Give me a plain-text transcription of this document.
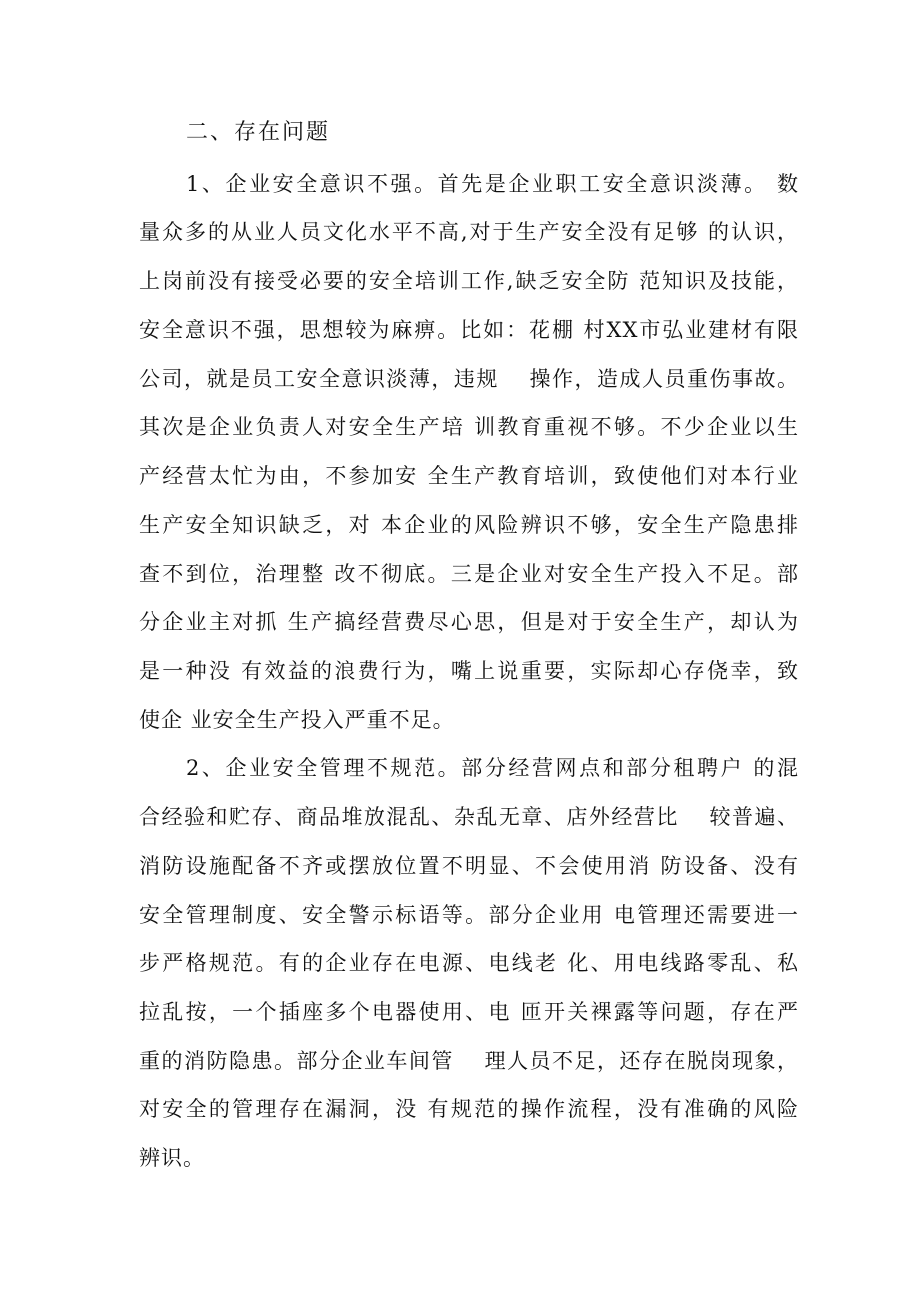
二、存在问题
1、企业安全意识不强。首先是企业职工安全意识淡薄。 数
量众多的从业人员文化水平不高,对于生产安全没有足够 的认识，
上岗前没有接受必要的安全培训工作,缺乏安全防 范知识及技能，
安全意识不强，思想较为麻痹。比如：花棚 村XX市弘业建材有限
公司，就是员工安全意识淡薄，违规　 操作，造成人员重伤事故。
其次是企业负责人对安全生产培 训教育重视不够。不少企业以生
产经营太忙为由，不参加安 全生产教育培训，致使他们对本行业
生产安全知识缺乏，对 本企业的风险辨识不够，安全生产隐患排
查不到位，治理整 改不彻底。三是企业对安全生产投入不足。部
分企业主对抓 生产搞经营费尽心思，但是对于安全生产，却认为
是一种没 有效益的浪费行为，嘴上说重要，实际却心存侥幸，致
使企 业安全生产投入严重不足。
2、企业安全管理不规范。部分经营网点和部分租聘户 的混
合经验和贮存、商品堆放混乱、杂乱无章、店外经营比　 较普遍、
消防设施配备不齐或摆放位置不明显、不会使用消 防设备、没有
安全管理制度、安全警示标语等。部分企业用 电管理还需要进一
步严格规范。有的企业存在电源、电线老 化、用电线路零乱、私
拉乱按，一个插座多个电器使用、电 匝开关裸露等问题，存在严
重的消防隐患。部分企业车间管　 理人员不足，还存在脱岗现象，
对安全的管理存在漏洞，没 有规范的操作流程，没有准确的风险
辨识。
